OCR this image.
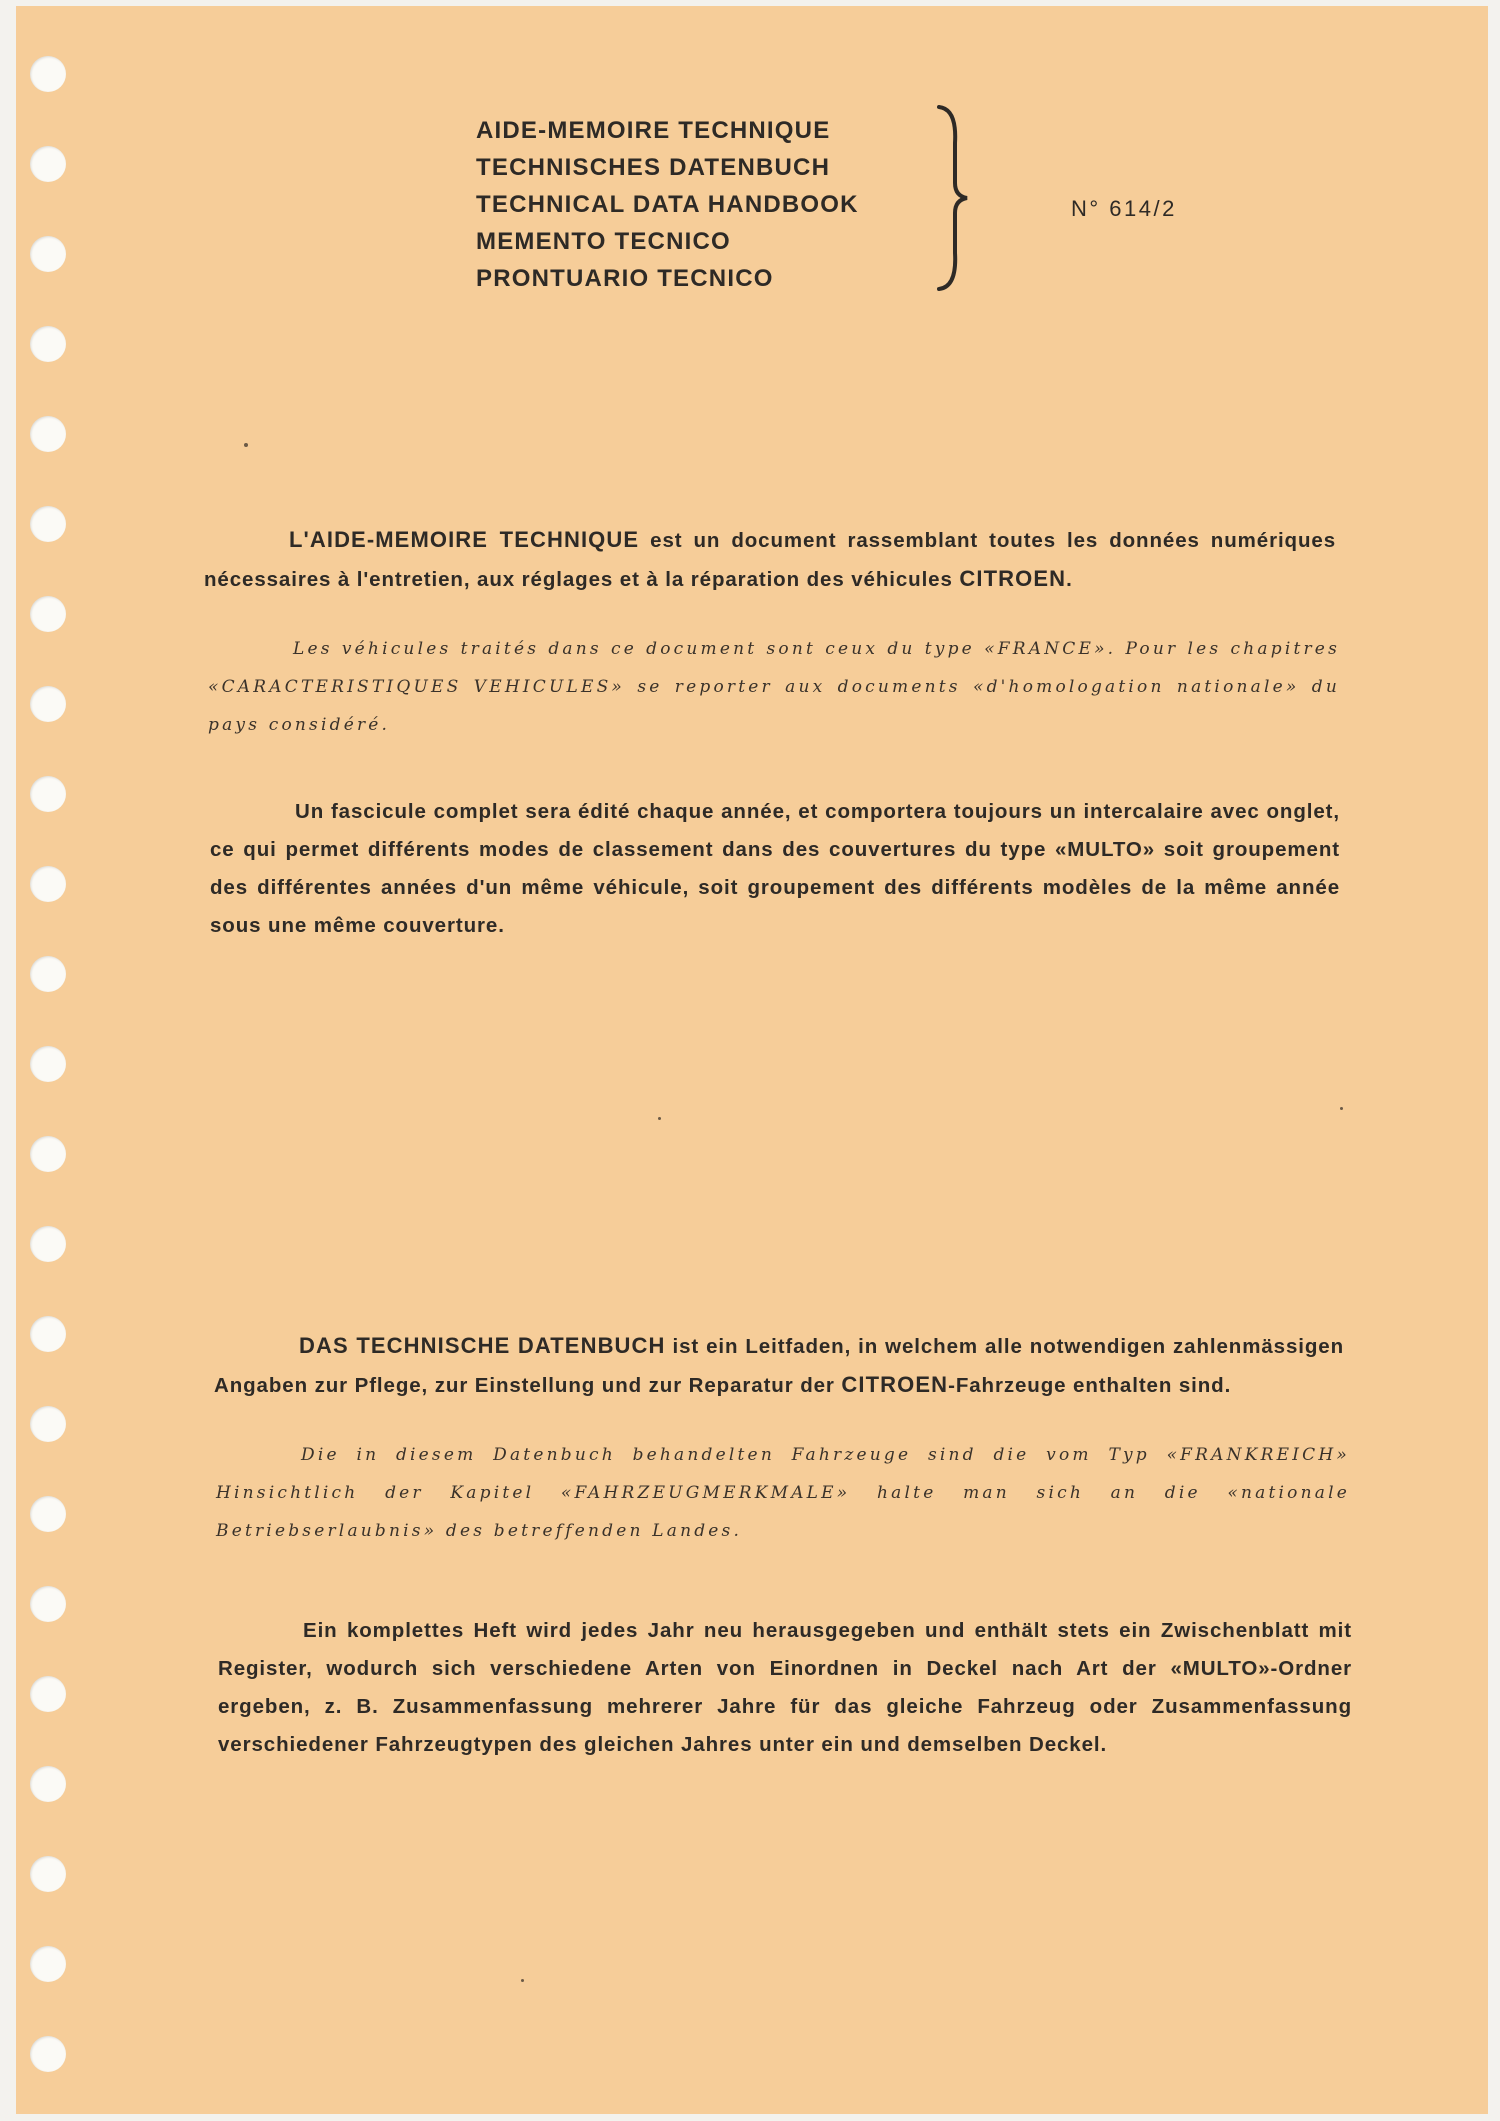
AIDE-MEMOIRE TECHNIQUE
TECHNISCHES DATENBUCH
TECHNICAL DATA HANDBOOK
MEMENTO TECNICO
PRONTUARIO TECNICO
N° 614/2
L'AIDE-MEMOIRE TECHNIQUE est un document rassemblant toutes les données numériques nécessaires à l'entretien, aux réglages et à la réparation des véhicules CITROEN.
Les véhicules traités dans ce document sont ceux du type «FRANCE». Pour les chapitres «CARACTERISTIQUES VEHICULES» se reporter aux documents «d'homologation nationale» du pays considéré.
Un fascicule complet sera édité chaque année, et comportera toujours un intercalaire avec onglet, ce qui permet différents modes de classement dans des couvertures du type «MULTO» soit groupement des différentes années d'un même véhicule, soit groupement des différents modèles de la même année sous une même couverture.
DAS TECHNISCHE DATENBUCH ist ein Leitfaden, in welchem alle notwendigen zahlenmässigen Angaben zur Pflege, zur Einstellung und zur Reparatur der CITROEN-Fahrzeuge enthalten sind.
Die in diesem Datenbuch behandelten Fahrzeuge sind die vom Typ «FRANKREICH» Hinsichtlich der Kapitel «FAHRZEUGMERKMALE» halte man sich an die «nationale Betriebserlaubnis» des betreffenden Landes.
Ein komplettes Heft wird jedes Jahr neu herausgegeben und enthält stets ein Zwischenblatt mit Register, wodurch sich verschiedene Arten von Einordnen in Deckel nach Art der «MULTO»-Ordner ergeben, z. B. Zusammenfassung mehrerer Jahre für das gleiche Fahrzeug oder Zusammenfassung verschiedener Fahrzeugtypen des gleichen Jahres unter ein und demselben Deckel.
